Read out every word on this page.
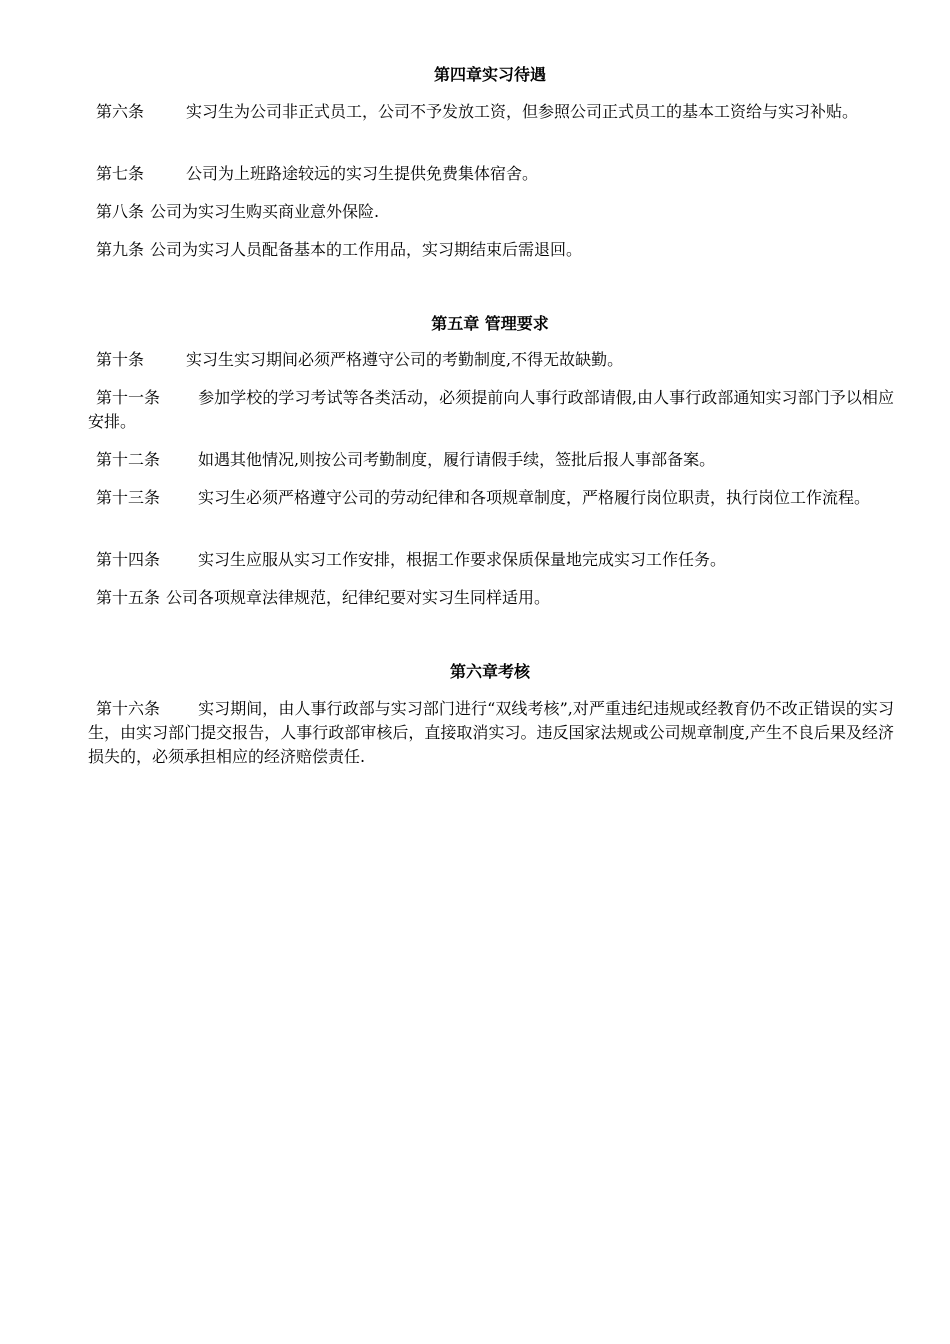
第四章实习待遇
第六条	实习生为公司非正式员工，公司不予发放工资，但参照公司正式员工的基本工资给与实习补贴。
第七条	公司为上班路途较远的实习生提供免费集体宿舍。
第八条 公司为实习生购买商业意外保险.
第九条 公司为实习人员配备基本的工作用品，实习期结束后需退回。
第五章 管理要求
第十条	实习生实习期间必须严格遵守公司的考勤制度,不得无故缺勤。
第十一条 参加学校的学习考试等各类活动，必须提前向人事行政部请假,由人事行政部通知实习部门予以相应安排。
第十二条 如遇其他情况,则按公司考勤制度，履行请假手续，签批后报人事部备案。
第十三条 实习生必须严格遵守公司的劳动纪律和各项规章制度，严格履行岗位职责，执行岗位工作流程。
第十四条 实习生应服从实习工作安排，根据工作要求保质保量地完成实习工作任务。
第十五条 公司各项规章法律规范，纪律纪要对实习生同样适用。
第六章考核
第十六条 实习期间，由人事行政部与实习部门进行“双线考核”,对严重违纪违规或经教育仍不改正错误的实习生，由实习部门提交报告，人事行政部审核后，直接取消实习。违反国家法规或公司规章制度,产生不良后果及经济损失的，必须承担相应的经济赔偿责任.
